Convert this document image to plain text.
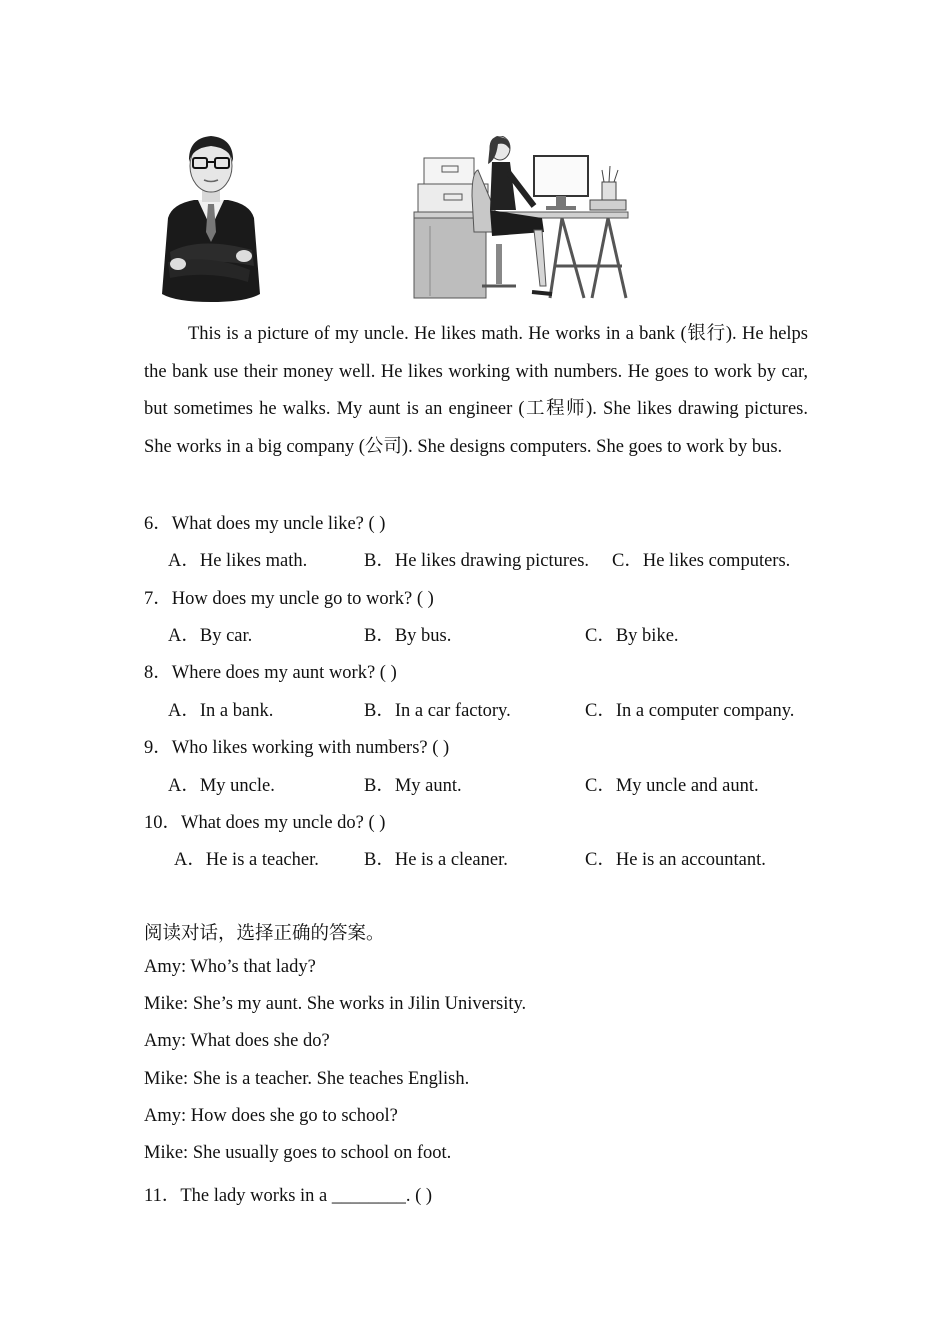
This is a picture of my uncle. He likes math. He works in a bank (银行). He helps the bank use their money well. He likes working with numbers. He goes to work by car, but sometimes he walks. My aunt is an engineer (工程师). She likes drawing pictures. She works in a big company (公司). She designs computers. She goes to work by bus.

6．What does my uncle like? ( )
A．He likes math.	B．He likes drawing pictures. C．He likes computers.
7．How does my uncle go to work? ( )
A．By car.	B．By bus.	C．By bike.
8．Where does my aunt work? ( )
A．In a bank.	B．In a car factory.	C．In a computer company.
9．Who likes working with numbers? ( )
A．My uncle.	B．My aunt.	C．My uncle and aunt.
10．What does my uncle do? ( )
A．He is a teacher. B．He is a cleaner.	C．He is an accountant.
阅读对话，选择正确的答案。
Amy: Who’s that lady?
Mike: She’s my aunt. She works in Jilin University.
Amy: What does she do?
Mike: She is a teacher. She teaches English.
Amy: How does she go to school?
Mike: She usually goes to school on foot.
11．The lady works in a ________. ( )
